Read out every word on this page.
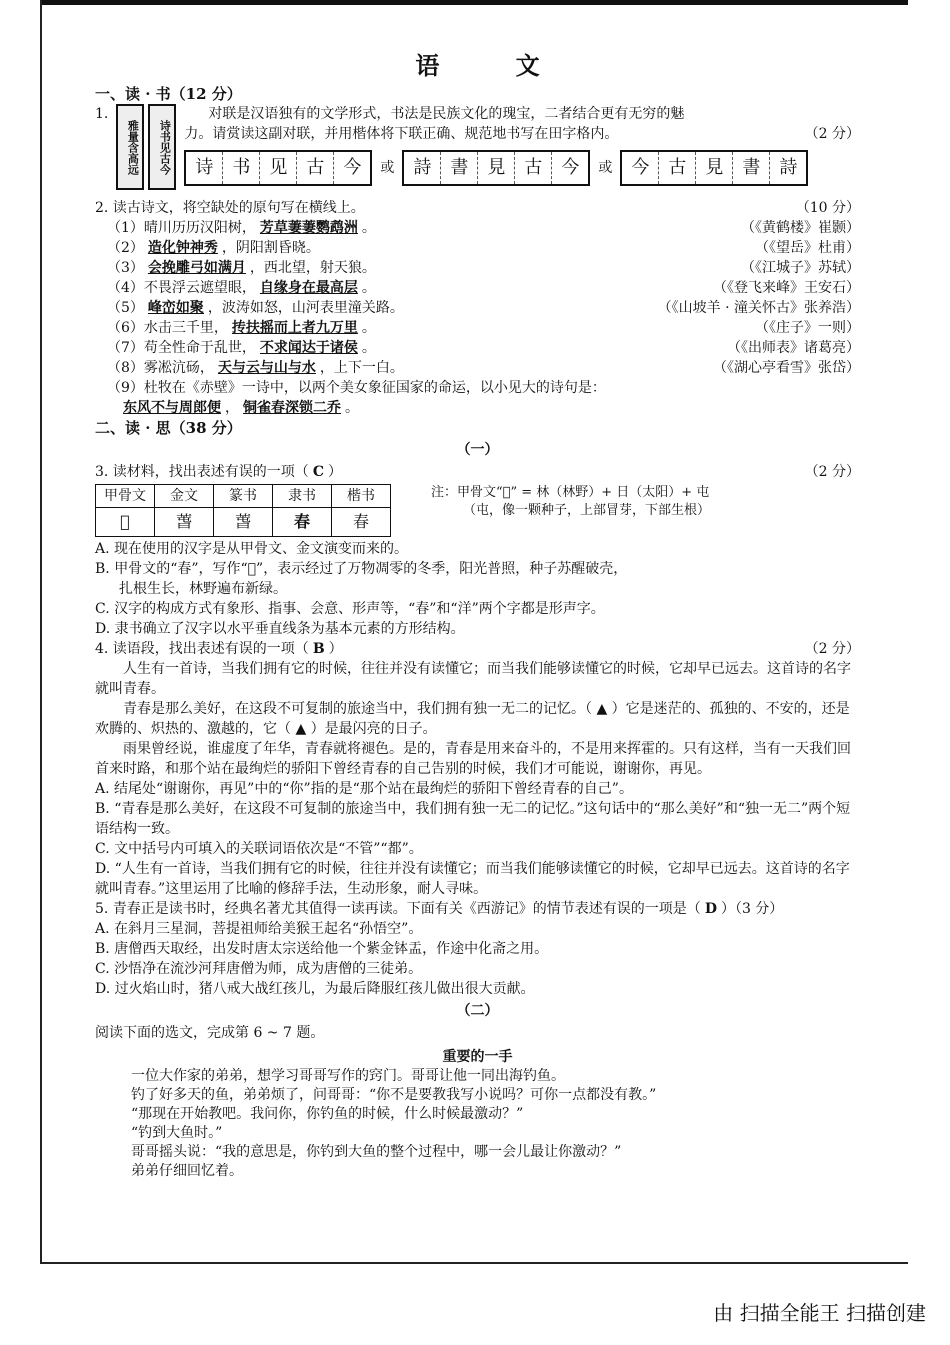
语 文

一、读 · 书（12 分）

1.
雅量含高远	诗书见古今

对联是汉语独有的文学形式，书法是民族文化的瑰宝，二者结合更有无穷的魅

力。请赏读这副对联，并用楷体将下联正确、规范地书写在田字格内。	（2 分）

诗	书	见	古	今	或	詩	書	見	古	今	或	今	古	見	書	詩

2. 读古诗文，将空缺处的原句写在横线上。	（10 分）

（1）晴川历历汉阳树， 芳草萋萋鹦鹉洲 。	（《黄鹤楼》崔颢）

（2） 造化钟神秀 ，阴阳割昏晓。	（《望岳》杜甫）

（3） 会挽雕弓如满月 ，西北望，射天狼。	（《江城子》苏轼）

（4）不畏浮云遮望眼， 自缘身在最高层 。	（《登飞来峰》王安石）

（5） 峰峦如聚 ，波涛如怒，山河表里潼关路。	（《山坡羊 · 潼关怀古》张养浩）

（6）水击三千里， 抟扶摇而上者九万里 。	（《庄子》一则）

（7）苟全性命于乱世， 不求闻达于诸侯 。	（《出师表》诸葛亮）

（8）雾凇沆砀， 天与云与山与水 ，上下一白。	（《湖心亭看雪》张岱）

（9）杜牧在《赤壁》一诗中，以两个美女象征国家的命运，以小见大的诗句是：

东风不与周郎便 ， 铜雀春深锁二乔 。

二、读 · 思（38 分）

（一）

3. 读材料，找出表述有误的一项（ C ）	（2 分）

甲骨文	金文	篆书	隶书	楷书
𣌢	萅	萅	春	春
注：甲骨文“𣌢” = 林（林野）+ 日（太阳）+ 屯
（屯，像一颗种子，上部冒芽，下部生根）

A. 现在使用的汉字是从甲骨文、金文演变而来的。

B. 甲骨文的“春”，写作“𣌢”，表示经过了万物凋零的冬季，阳光普照，种子苏醒破壳，

扎根生长，林野遍布新绿。

C. 汉字的构成方式有象形、指事、会意、形声等，“春”和“洋”两个字都是形声字。

D. 隶书确立了汉字以水平垂直线条为基本元素的方形结构。

4. 读语段，找出表述有误的一项（ B ）	（2 分）

人生有一首诗，当我们拥有它的时候，往往并没有读懂它；而当我们能够读懂它的时候，它却早已远去。这首诗的名字就叫青春。

青春是那么美好，在这段不可复制的旅途当中，我们拥有独一无二的记忆。（ ▲ ）它是迷茫的、孤独的、不安的，还是欢腾的、炽热的、激越的，它（ ▲ ）是最闪亮的日子。

雨果曾经说，谁虚度了年华，青春就将褪色。是的，青春是用来奋斗的，不是用来挥霍的。只有这样，当有一天我们回首来时路，和那个站在最绚烂的骄阳下曾经青春的自己告别的时候，我们才可能说，谢谢你，再见。

A. 结尾处“谢谢你，再见”中的“你”指的是“那个站在最绚烂的骄阳下曾经青春的自己”。

B. “青春是那么美好，在这段不可复制的旅途当中，我们拥有独一无二的记忆。”这句话中的“那么美好”和“独一无二”两个短语结构一致。

C. 文中括号内可填入的关联词语依次是“不管”“都”。

D. “人生有一首诗，当我们拥有它的时候，往往并没有读懂它；而当我们能够读懂它的时候，它却早已远去。这首诗的名字就叫青春。”这里运用了比喻的修辞手法，生动形象，耐人寻味。

5. 青春正是读书时，经典名著尤其值得一读再读。下面有关《西游记》的情节表述有误的一项是（ D ）（3 分）

A. 在斜月三星洞，菩提祖师给美猴王起名“孙悟空”。

B. 唐僧西天取经，出发时唐太宗送给他一个紫金钵盂，作途中化斋之用。

C. 沙悟净在流沙河拜唐僧为师，成为唐僧的三徒弟。

D. 过火焰山时，猪八戒大战红孩儿，为最后降服红孩儿做出很大贡献。

（二）

阅读下面的选文，完成第 6 ~ 7 题。

重要的一手

一位大作家的弟弟，想学习哥哥写作的窍门。哥哥让他一同出海钓鱼。

钓了好多天的鱼，弟弟烦了，问哥哥：“你不是要教我写小说吗？可你一点都没有教。”

“那现在开始教吧。我问你，你钓鱼的时候，什么时候最激动？”

“钓到大鱼时。”

哥哥摇头说：“我的意思是，你钓到大鱼的整个过程中，哪一会儿最让你激动？”

弟弟仔细回忆着。

由 扫描全能王 扫描创建
